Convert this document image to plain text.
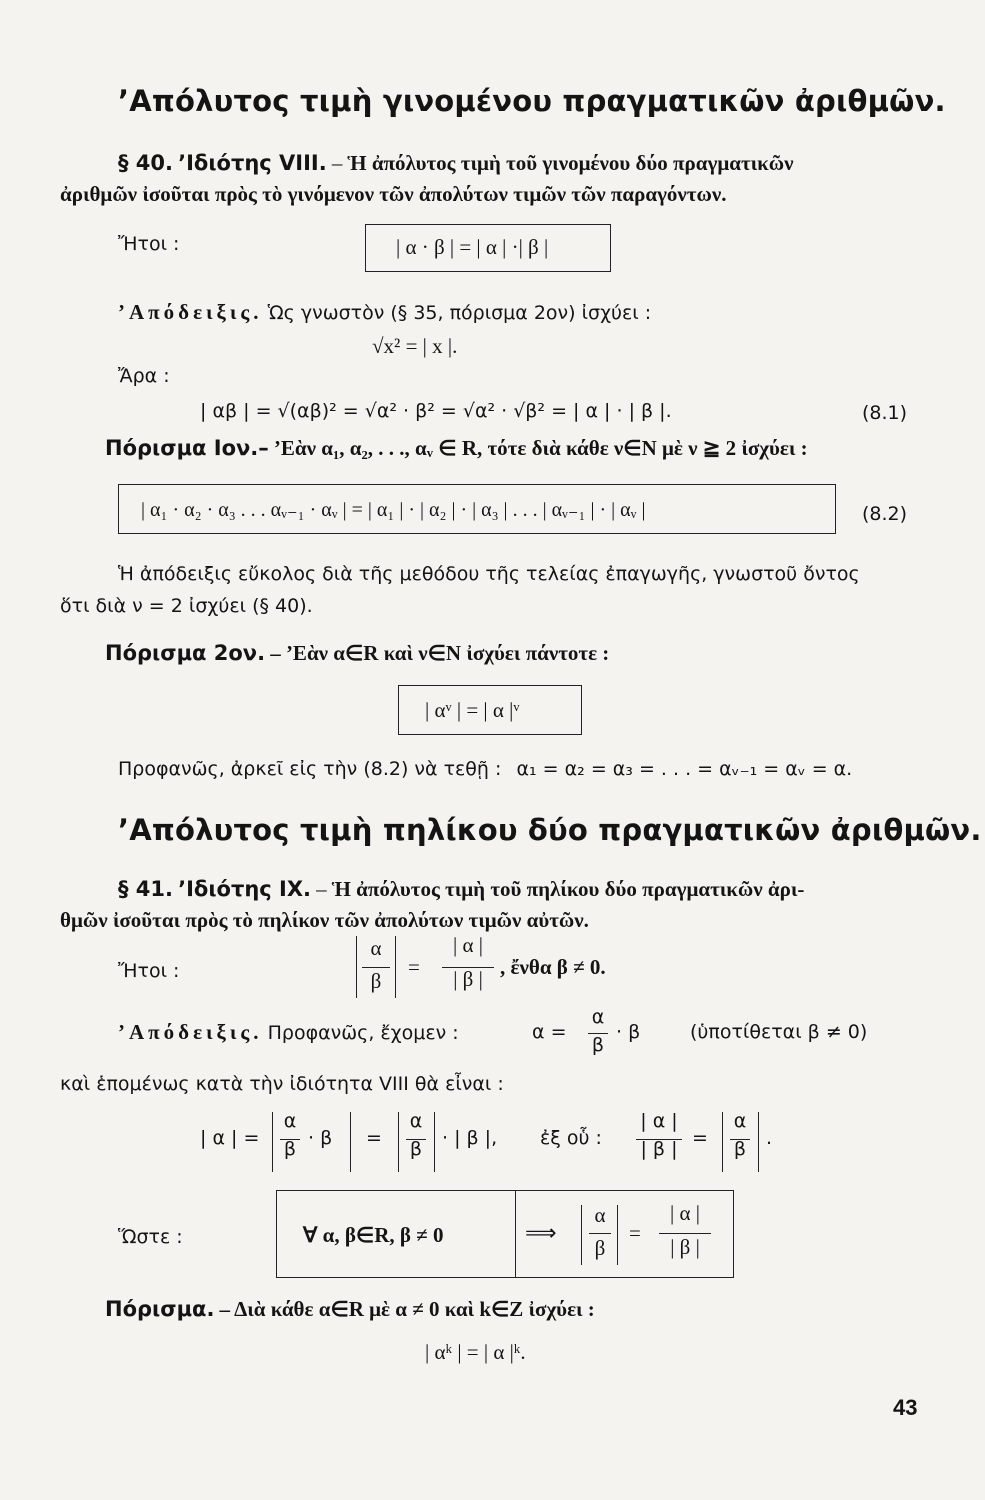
’Απόλυτος τιμὴ γινομένου πραγματικῶν ἀριθμῶν.
§ 40. ’Ιδιότης VIII. – Ἡ ἀπόλυτος τιμὴ τοῦ γινομένου δύο πραγματικῶν
ἀριθμῶν ἰσοῦται πρὸς τὸ γινόμενον τῶν ἀπολύτων τιμῶν τῶν παραγόντων.
Ἤτοι :	| α · β | = | α | ·| β |
’Απόδειξις. Ὡς γνωστὸν (§ 35, πόρισμα 2ον) ἰσχύει :
√x² = | x |.
Ἄρα :
| αβ | = √(αβ)² = √α² · β² = √α² · √β² = | α | · | β |.	(8.1)
Πόρισμα Ιον.– ’Εὰν α₁, α₂, . . ., αᵥ ∈ R, τότε διὰ κάθε ν∈N μὲ ν ≧ 2 ἰσχύει :
| α₁ · α₂ · α₃ . . . αᵥ₋₁ · αᵥ | = | α₁ | · | α₂ | · | α₃ | . . . | αᵥ₋₁ | · | αᵥ |	(8.2)
Ἡ ἀπόδειξις εὔκολος διὰ τῆς μεθόδου τῆς τελείας ἐπαγωγῆς, γνωστοῦ ὄντος
ὅτι διὰ ν = 2 ἰσχύει (§ 40).
Πόρισμα 2ον. – ’Εὰν α∈R καὶ ν∈N ἰσχύει πάντοτε :
| αᵛ | = | α |ᵛ
Προφανῶς, ἀρκεῖ εἰς τὴν (8.2) νὰ τεθῇ : α₁ = α₂ = α₃ = . . . = αᵥ₋₁ = αᵥ = α.
’Απόλυτος τιμὴ πηλίκου δύο πραγματικῶν ἀριθμῶν.
§ 41. ’Ιδιότης IX. – Ἡ ἀπόλυτος τιμὴ τοῦ πηλίκου δύο πραγματικῶν ἀρι-
θμῶν ἰσοῦται πρὸς τὸ πηλίκον τῶν ἀπολύτων τιμῶν αὐτῶν.
Ἤτοι :
α
β
=
| α |
| β | , ἔνθα β ≠ 0.
’Απόδειξις. Προφανῶς, ἔχομεν :	α =
α
β
· β	(ὑποτίθεται β ≠ 0)
καὶ ἑπομένως κατὰ τὴν ἰδιότητα VIII θὰ εἶναι :
| α | =
α
β · β =
α
β	· | β |, ἐξ οὗ :
| α |
| β | =
α
β	.
Ὥστε :	∀ α, β∈R, β ≠ 0	⟹
α
β
=
| α |
| β |
Πόρισμα. – Διὰ κάθε α∈R μὲ α ≠ 0 καὶ k∈Z ἰσχύει :
| αᵏ | = | α |ᵏ.
43
